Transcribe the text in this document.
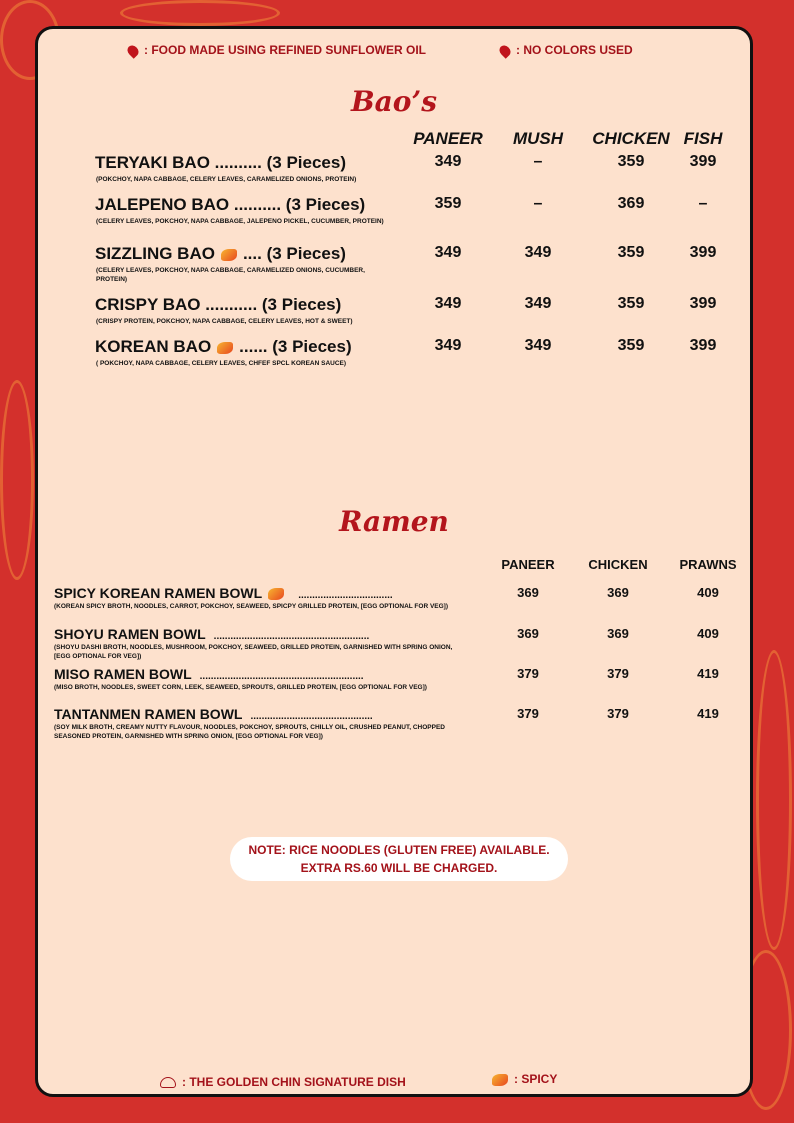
: FOOD MADE USING REFINED SUNFLOWER OIL	: NO COLORS USED
Bao’s
PANEER	MUSH	CHICKEN FISH
TERYAKI BAO .......... (3 Pieces)
(POKCHOY, NAPA CABBAGE, CELERY LEAVES, CARAMELIZED ONIONS, PROTEIN)
349	–	359	399
JALEPENO BAO .......... (3 Pieces)
(CELERY LEAVES, POKCHOY, NAPA CABBAGE, JALEPENO PICKEL, CUCUMBER, PROTEIN)
359	–	369	–
SIZZLING BAO .... (3 Pieces)
(CELERY LEAVES, POKCHOY, NAPA CABBAGE, CARAMELIZED ONIONS, CUCUMBER, PROTEIN)
349	349	359	399
CRISPY BAO ........... (3 Pieces)
(CRISPY PROTEIN, POKCHOY, NAPA CABBAGE, CELERY LEAVES, HOT & SWEET)
349	349	359	399
KOREAN BAO ...... (3 Pieces)
( POKCHOY, NAPA CABBAGE, CELERY LEAVES, CHFEF SPCL KOREAN SAUCE)
349	349	359	399
Ramen
PANEER	CHICKEN	PRAWNS
SPICY KOREAN RAMEN BOWL	..................................
(KOREAN SPICY BROTH, NOODLES, CARROT, POKCHOY, SEAWEED, SPICPY GRILLED PROTEIN, [EGG OPTIONAL FOR VEG])
369	369	409
SHOYU RAMEN BOWL ........................................................
(SHOYU DASHI BROTH, NOODLES, MUSHROOM, POKCHOY, SEAWEED, GRILLED PROTEIN, GARNISHED WITH SPRING ONION, [EGG OPTIONAL FOR VEG])
369	369	409
MISO RAMEN BOWL ...........................................................
(MISO BROTH, NOODLES, SWEET CORN, LEEK, SEAWEED, SPROUTS, GRILLED PROTEIN, [EGG OPTIONAL FOR VEG])
379	379	419
TANTANMEN RAMEN BOWL ............................................
(SOY MILK BROTH, CREAMY NUTTY FLAVOUR, NOODLES, POKCHOY, SPROUTS, CHILLY OIL, CRUSHED PEANUT, CHOPPED SEASONED PROTEIN, GARNISHED WITH SPRING ONION, [EGG OPTIONAL FOR VEG])
379	379	419
NOTE: RICE NOODLES (GLUTEN FREE) AVAILABLE.
EXTRA RS.60 WILL BE CHARGED.
: THE GOLDEN CHIN SIGNATURE DISH	: SPICY
